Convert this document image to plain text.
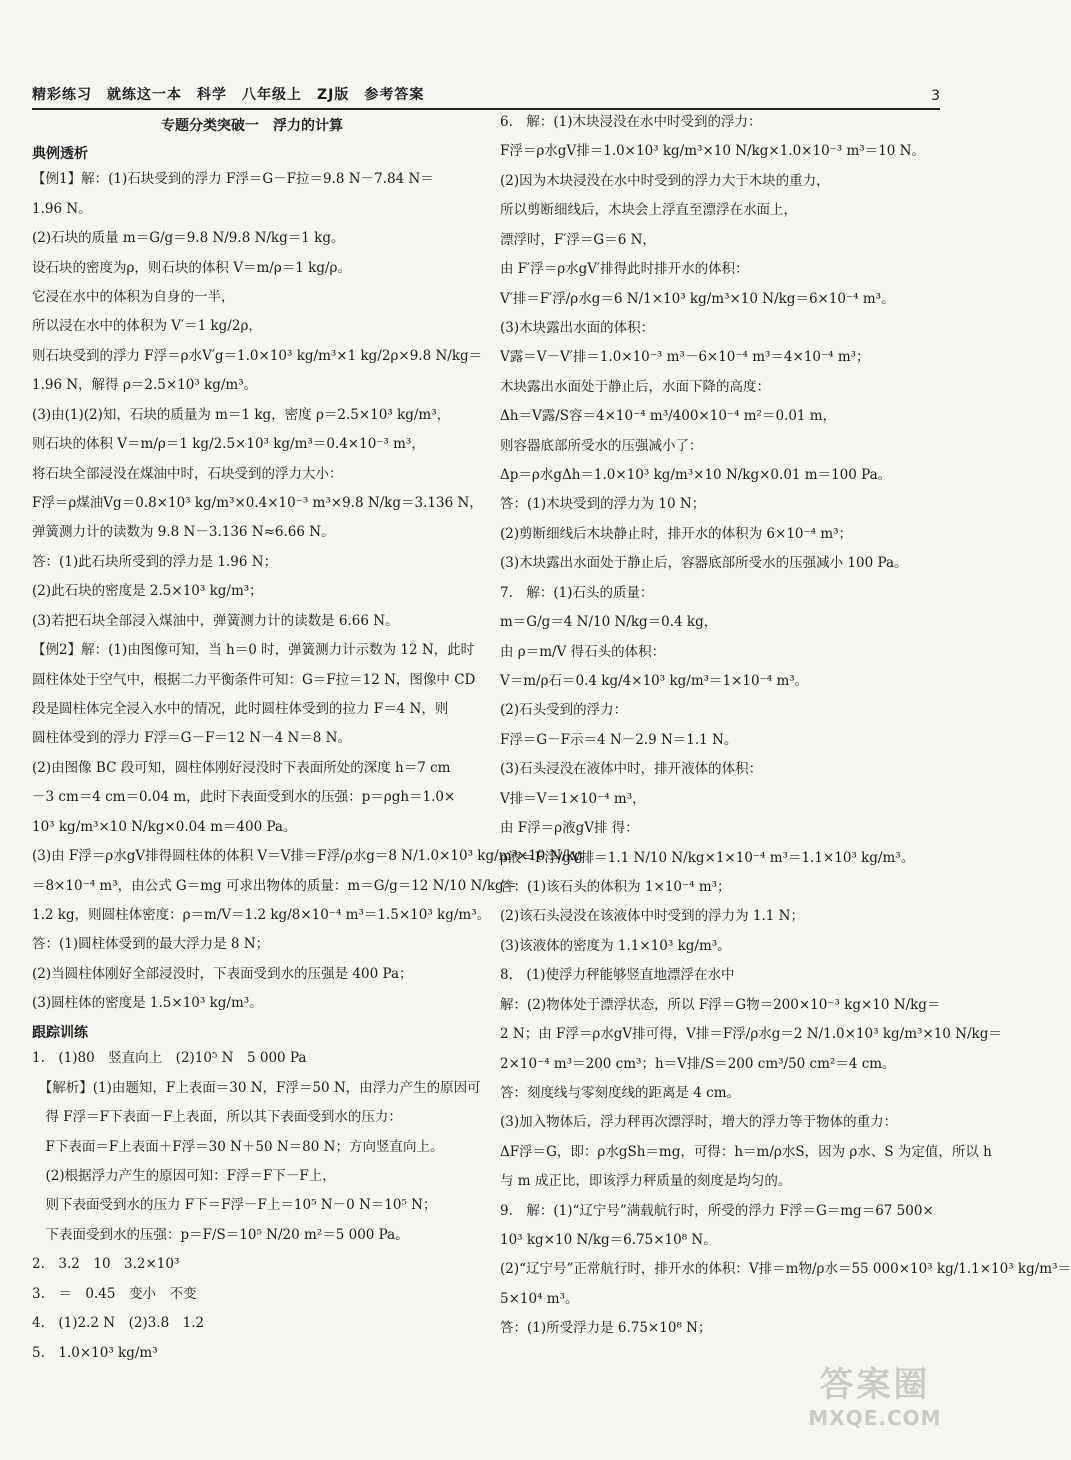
精彩练习　就练这一本　科学　八年级上　ZJ版　参考答案	3
专题分类突破一　浮力的计算
典例透析
【例1】解：(1)石块受到的浮力 F浮＝G－F拉＝9.8 N－7.84 N＝
1.96 N。
(2)石块的质量 m＝G/g＝9.8 N/9.8 N/kg＝1 kg。
设石块的密度为ρ，则石块的体积 V＝m/ρ＝1 kg/ρ。
它浸在水中的体积为自身的一半，
所以浸在水中的体积为 V′＝1 kg/2ρ，
则石块受到的浮力 F浮＝ρ水V′g＝1.0×10³ kg/m³×1 kg/2ρ×9.8 N/kg＝
1.96 N，解得 ρ＝2.5×10³ kg/m³。
(3)由(1)(2)知，石块的质量为 m＝1 kg，密度 ρ＝2.5×10³ kg/m³，
则石块的体积 V＝m/ρ＝1 kg/2.5×10³ kg/m³＝0.4×10⁻³ m³，
将石块全部浸没在煤油中时，石块受到的浮力大小：
F浮＝ρ煤油Vg＝0.8×10³ kg/m³×0.4×10⁻³ m³×9.8 N/kg＝3.136 N，
弹簧测力计的读数为 9.8 N－3.136 N≈6.66 N。
答：(1)此石块所受到的浮力是 1.96 N；
(2)此石块的密度是 2.5×10³ kg/m³；
(3)若把石块全部浸入煤油中，弹簧测力计的读数是 6.66 N。
【例2】解：(1)由图像可知，当 h＝0 时，弹簧测力计示数为 12 N，此时
圆柱体处于空气中，根据二力平衡条件可知：G＝F拉＝12 N，图像中 CD
段是圆柱体完全浸入水中的情况，此时圆柱体受到的拉力 F＝4 N，则
圆柱体受到的浮力 F浮＝G－F＝12 N－4 N＝8 N。
(2)由图像 BC 段可知，圆柱体刚好浸没时下表面所处的深度 h＝7 cm
－3 cm＝4 cm＝0.04 m，此时下表面受到水的压强：p＝ρgh＝1.0×
10³ kg/m³×10 N/kg×0.04 m＝400 Pa。
(3)由 F浮＝ρ水gV排得圆柱体的体积 V＝V排＝F浮/ρ水g＝8 N/1.0×10³ kg/m³×10 N/kg
＝8×10⁻⁴ m³，由公式 G＝mg 可求出物体的质量：m＝G/g＝12 N/10 N/kg＝
1.2 kg，则圆柱体密度：ρ＝m/V＝1.2 kg/8×10⁻⁴ m³＝1.5×10³ kg/m³。
答：(1)圆柱体受到的最大浮力是 8 N；
(2)当圆柱体刚好全部浸没时，下表面受到水的压强是 400 Pa；
(3)圆柱体的密度是 1.5×10³ kg/m³。
跟踪训练
1.　(1)80　竖直向上　(2)10⁵ N　5 000 Pa
　【解析】(1)由题知，F上表面＝30 N，F浮＝50 N，由浮力产生的原因可
　得 F浮＝F下表面－F上表面，所以其下表面受到水的压力：
　F下表面＝F上表面＋F浮＝30 N＋50 N＝80 N；方向竖直向上。
　(2)根据浮力产生的原因可知：F浮＝F下－F上，
　则下表面受到水的压力 F下＝F浮－F上＝10⁵ N－0 N＝10⁵ N；
　下表面受到水的压强：p＝F/S＝10⁵ N/20 m²＝5 000 Pa。
2.　3.2　10　3.2×10³
3.　＝　0.45　变小　不变
4.　(1)2.2 N　(2)3.8　1.2
5.　1.0×10³ kg/m³
6.　解：(1)木块浸没在水中时受到的浮力：
F浮＝ρ水gV排＝1.0×10³ kg/m³×10 N/kg×1.0×10⁻³ m³＝10 N。
(2)因为木块浸没在水中时受到的浮力大于木块的重力，
所以剪断细线后，木块会上浮直至漂浮在水面上，
漂浮时，F′浮＝G＝6 N，
由 F′浮＝ρ水gV′排得此时排开水的体积：
V′排＝F′浮/ρ水g＝6 N/1×10³ kg/m³×10 N/kg＝6×10⁻⁴ m³。
(3)木块露出水面的体积：
V露＝V－V′排＝1.0×10⁻³ m³－6×10⁻⁴ m³＝4×10⁻⁴ m³；
木块露出水面处于静止后，水面下降的高度：
Δh＝V露/S容＝4×10⁻⁴ m³/400×10⁻⁴ m²＝0.01 m，
则容器底部所受水的压强减小了：
Δp＝ρ水gΔh＝1.0×10³ kg/m³×10 N/kg×0.01 m＝100 Pa。
答：(1)木块受到的浮力为 10 N；
(2)剪断细线后木块静止时，排开水的体积为 6×10⁻⁴ m³；
(3)木块露出水面处于静止后，容器底部所受水的压强减小 100 Pa。
7.　解：(1)石头的质量：
m＝G/g＝4 N/10 N/kg＝0.4 kg，
由 ρ＝m/V 得石头的体积：
V＝m/ρ石＝0.4 kg/4×10³ kg/m³＝1×10⁻⁴ m³。
(2)石头受到的浮力：
F浮＝G－F示＝4 N－2.9 N＝1.1 N。
(3)石头浸没在液体中时，排开液体的体积：
V排＝V＝1×10⁻⁴ m³，
由 F浮＝ρ液gV排 得：
ρ液＝F浮/gV排＝1.1 N/10 N/kg×1×10⁻⁴ m³＝1.1×10³ kg/m³。
答：(1)该石头的体积为 1×10⁻⁴ m³；
(2)该石头浸没在该液体中时受到的浮力为 1.1 N；
(3)该液体的密度为 1.1×10³ kg/m³。
8.　(1)使浮力秤能够竖直地漂浮在水中
解：(2)物体处于漂浮状态，所以 F浮＝G物＝200×10⁻³ kg×10 N/kg＝
2 N；由 F浮＝ρ水gV排可得，V排＝F浮/ρ水g＝2 N/1.0×10³ kg/m³×10 N/kg＝
2×10⁻⁴ m³＝200 cm³；h＝V排/S＝200 cm³/50 cm²＝4 cm。
答：刻度线与零刻度线的距离是 4 cm。
(3)加入物体后，浮力秤再次漂浮时，增大的浮力等于物体的重力：
ΔF浮＝G，即：ρ水gSh＝mg，可得：h＝m/ρ水S，因为 ρ水、S 为定值，所以 h
与 m 成正比，即该浮力秤质量的刻度是均匀的。
9.　解：(1)“辽宁号”满载航行时，所受的浮力 F浮＝G＝mg＝67 500×
10³ kg×10 N/kg＝6.75×10⁸ N。
(2)“辽宁号”正常航行时，排开水的体积：V排＝m物/ρ水＝55 000×10³ kg/1.1×10³ kg/m³＝
5×10⁴ m³。
答：(1)所受浮力是 6.75×10⁸ N；
答案圈
MXQE.COM
